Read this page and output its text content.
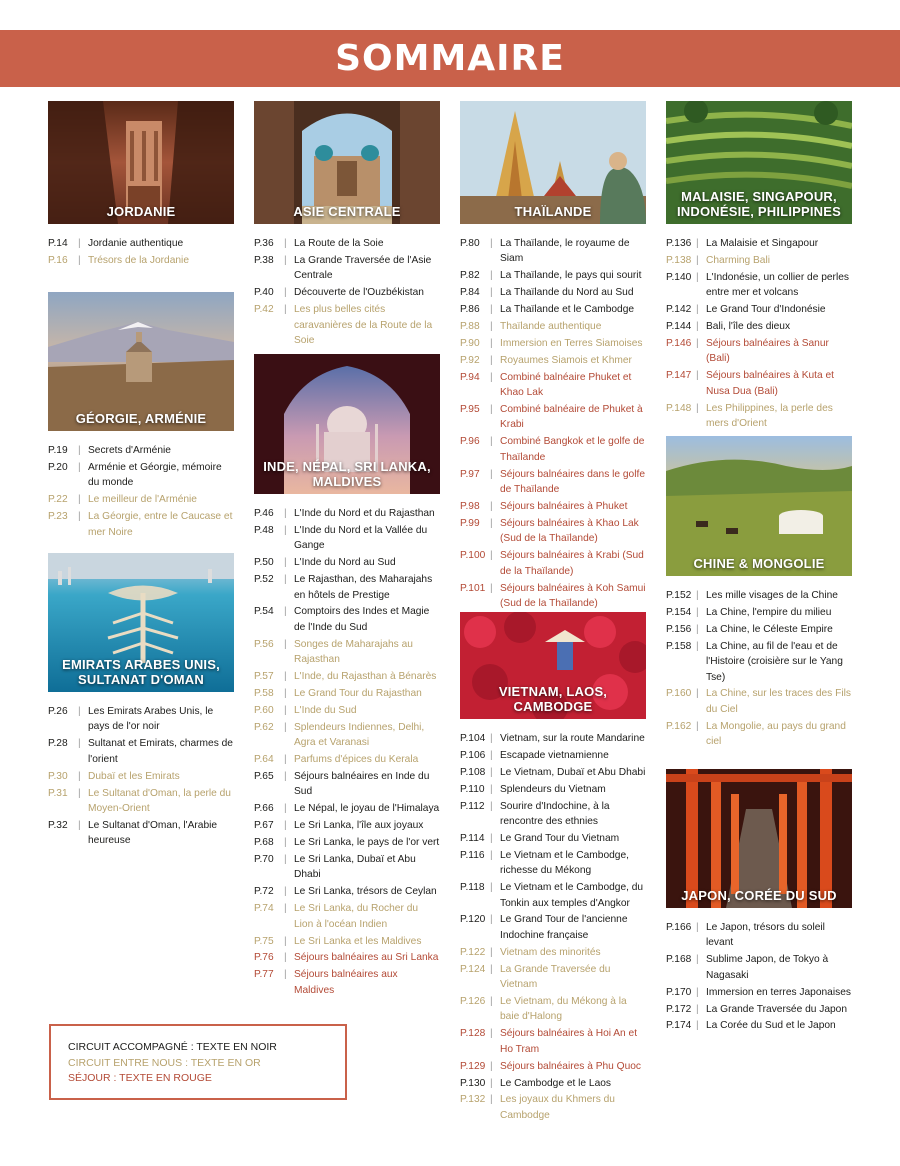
SOMMAIRE
JORDANIE
P.14	| Jordanie authentique
P.16	| Trésors de la Jordanie
GÉORGIE, ARMÉNIE
P.19	| Secrets d'Arménie
P.20	| Arménie et Géorgie, mémoire du monde
P.22	| Le meilleur de l'Arménie
P.23	| La Géorgie, entre le Caucase et mer Noire
EMIRATS ARABES UNIS, SULTANAT D'OMAN
P.26	| Les Emirats Arabes Unis, le pays de l'or noir
P.28	| Sultanat et Emirats, charmes de l'orient
P.30	| Dubaï et les Emirats
P.31	| Le Sultanat d'Oman, la perle du Moyen-Orient
P.32	| Le Sultanat d'Oman, l'Arabie heureuse
ASIE CENTRALE
P.36	| La Route de la Soie
P.38	| La Grande Traversée de l'Asie Centrale
P.40	| Découverte de l'Ouzbékistan
P.42	| Les plus belles cités caravanières de la Route de la Soie
INDE, NÉPAL, SRI LANKA, MALDIVES
P.46	| L'Inde du Nord et du Rajasthan
P.48	| L'Inde du Nord et la Vallée du Gange
P.50	| L'Inde du Nord au Sud
P.52	| Le Rajasthan, des Maharajahs en hôtels de Prestige
P.54	| Comptoirs des Indes et Magie de l'Inde du Sud
P.56	| Songes de Maharajahs au Rajasthan
P.57	| L'Inde, du Rajasthan à Bénarès
P.58	| Le Grand Tour du Rajasthan
P.60	| L'Inde du Sud
P.62	| Splendeurs Indiennes, Delhi, Agra et Varanasi
P.64	| Parfums d'épices du Kerala
P.65	| Séjours balnéaires en Inde du Sud
P.66	| Le Népal, le joyau de l'Himalaya
P.67	| Le Sri Lanka, l'île aux joyaux
P.68	| Le Sri Lanka, le pays de l'or vert
P.70	| Le Sri Lanka, Dubaï et Abu Dhabi
P.72	| Le Sri Lanka, trésors de Ceylan
P.74	| Le Sri Lanka, du Rocher du Lion à l'océan Indien
P.75	| Le Sri Lanka et les Maldives
P.76	| Séjours balnéaires au Sri Lanka
P.77	| Séjours balnéaires aux Maldives
THAÏLANDE
P.80	| La Thaïlande, le royaume de Siam
P.82	| La Thaïlande, le pays qui sourit
P.84	| La Thaïlande du Nord au Sud
P.86	| La Thaïlande et le Cambodge
P.88	| Thaïlande authentique
P.90	| Immersion en Terres Siamoises
P.92	| Royaumes Siamois et Khmer
P.94	| Combiné balnéaire Phuket et Khao Lak
P.95	| Combiné balnéaire de Phuket à Krabi
P.96	| Combiné Bangkok et le golfe de Thaïlande
P.97	| Séjours balnéaires dans le golfe de Thaïlande
P.98	| Séjours balnéaires à Phuket
P.99	| Séjours balnéaires à Khao Lak (Sud de la Thaïlande)
P.100 | Séjours balnéaires à Krabi (Sud de la Thaïlande)
P.101 | Séjours balnéaires à Koh Samui (Sud de la Thaïlande)
VIETNAM, LAOS, CAMBODGE
P.104 | Vietnam, sur la route Mandarine
P.106 | Escapade vietnamienne
P.108 | Le Vietnam, Dubaï et Abu Dhabi
P.110 | Splendeurs du Vietnam
P.112 | Sourire d'Indochine, à la rencontre des ethnies
P.114 | Le Grand Tour du Vietnam
P.116 | Le Vietnam et le Cambodge, richesse du Mékong
P.118 | Le Vietnam et le Cambodge, du Tonkin aux temples d'Angkor
P.120 | Le Grand Tour de l'ancienne Indochine française
P.122 | Vietnam des minorités
P.124 | La Grande Traversée du Vietnam
P.126 | Le Vietnam, du Mékong à la baie d'Halong
P.128 | Séjours balnéaires à Hoi An et Ho Tram
P.129 | Séjours balnéaires à Phu Quoc
P.130 | Le Cambodge et le Laos
P.132 | Les joyaux du Khmers du Cambodge
MALAISIE, SINGAPOUR, INDONÉSIE, PHILIPPINES
P.136 | La Malaisie et Singapour
P.138 | Charming Bali
P.140 | L'Indonésie, un collier de perles entre mer et volcans
P.142 | Le Grand Tour d'Indonésie
P.144 | Bali, l'île des dieux
P.146 | Séjours balnéaires à Sanur (Bali)
P.147 | Séjours balnéaires à Kuta et Nusa Dua (Bali)
P.148 | Les Philippines, la perle des mers d'Orient
CHINE & MONGOLIE
P.152 | Les mille visages de la Chine
P.154 | La Chine, l'empire du milieu
P.156 | La Chine, le Céleste Empire
P.158 | La Chine, au fil de l'eau et de l'Histoire (croisière sur le Yang Tse)
P.160 | La Chine, sur les traces des Fils du Ciel
P.162 | La Mongolie, au pays du grand ciel
JAPON, CORÉE DU SUD
P.166 | Le Japon, trésors du soleil levant
P.168 | Sublime Japon, de Tokyo à Nagasaki
P.170 | Immersion en terres Japonaises
P.172 | La Grande Traversée du Japon
P.174 | La Corée du Sud et le Japon
CIRCUIT ACCOMPAGNÉ : TEXTE EN NOIR
CIRCUIT ENTRE NOUS : TEXTE EN OR
SÉJOUR : TEXTE EN ROUGE
